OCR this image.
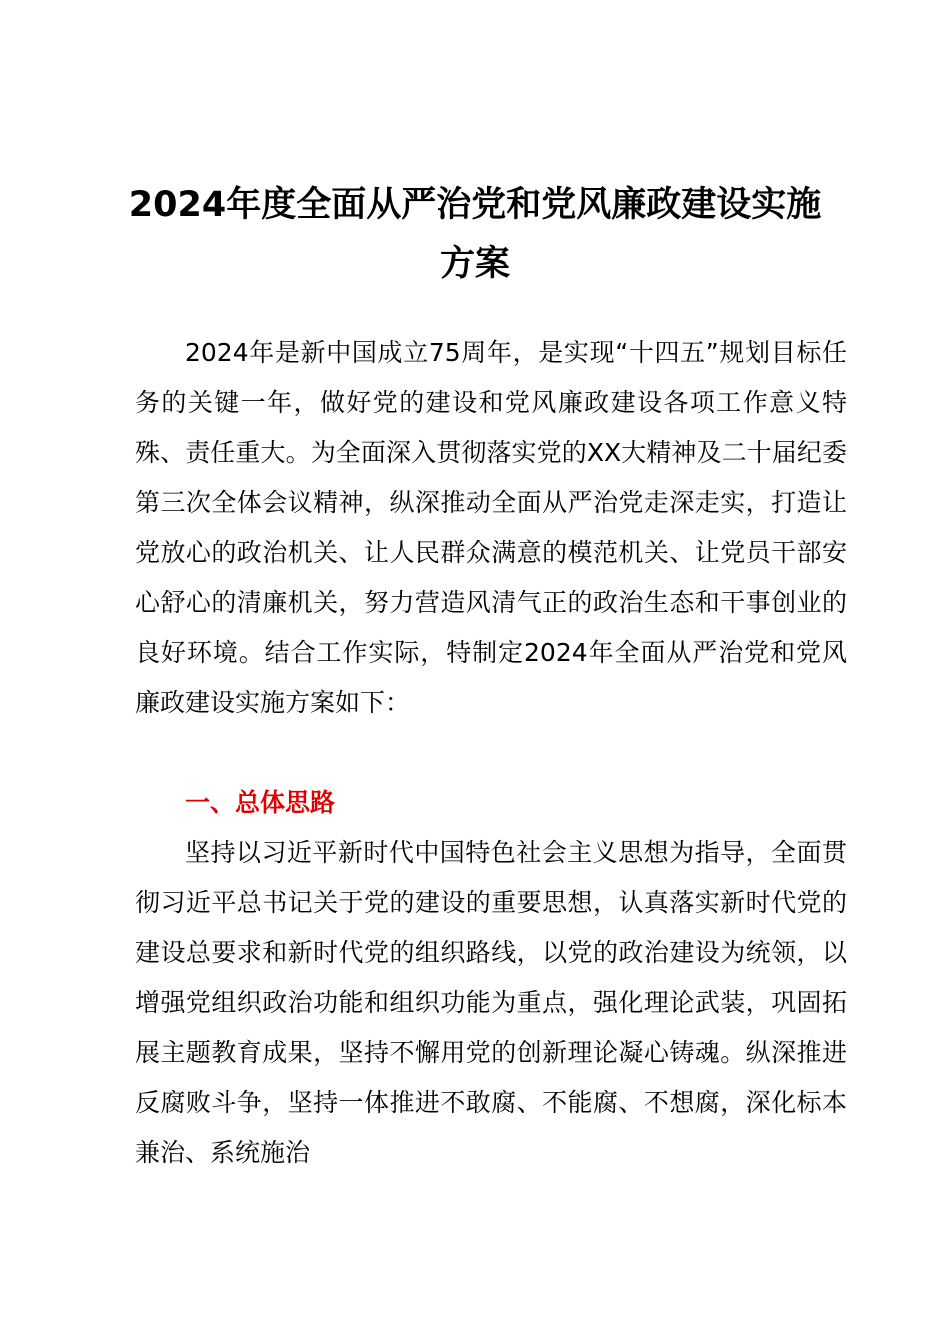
2024年度全面从严治党和党风廉政建设实施方案

2024年是新中国成立75周年，是实现“十四五”规划目标任务的关键一年，做好党的建设和党风廉政建设各项工作意义特殊、责任重大。为全面深入贯彻落实党的XX大精神及二十届纪委第三次全体会议精神，纵深推动全面从严治党走深走实，打造让党放心的政治机关、让人民群众满意的模范机关、让党员干部安心舒心的清廉机关，努力营造风清气正的政治生态和干事创业的良好环境。结合工作实际，特制定2024年全面从严治党和党风廉政建设实施方案如下：

一、总体思路

坚持以习近平新时代中国特色社会主义思想为指导，全面贯彻习近平总书记关于党的建设的重要思想，认真落实新时代党的建设总要求和新时代党的组织路线，以党的政治建设为统领，以增强党组织政治功能和组织功能为重点，强化理论武装，巩固拓展主题教育成果，坚持不懈用党的创新理论凝心铸魂。纵深推进反腐败斗争，坚持一体推进不敢腐、不能腐、不想腐，深化标本兼治、系统施治
